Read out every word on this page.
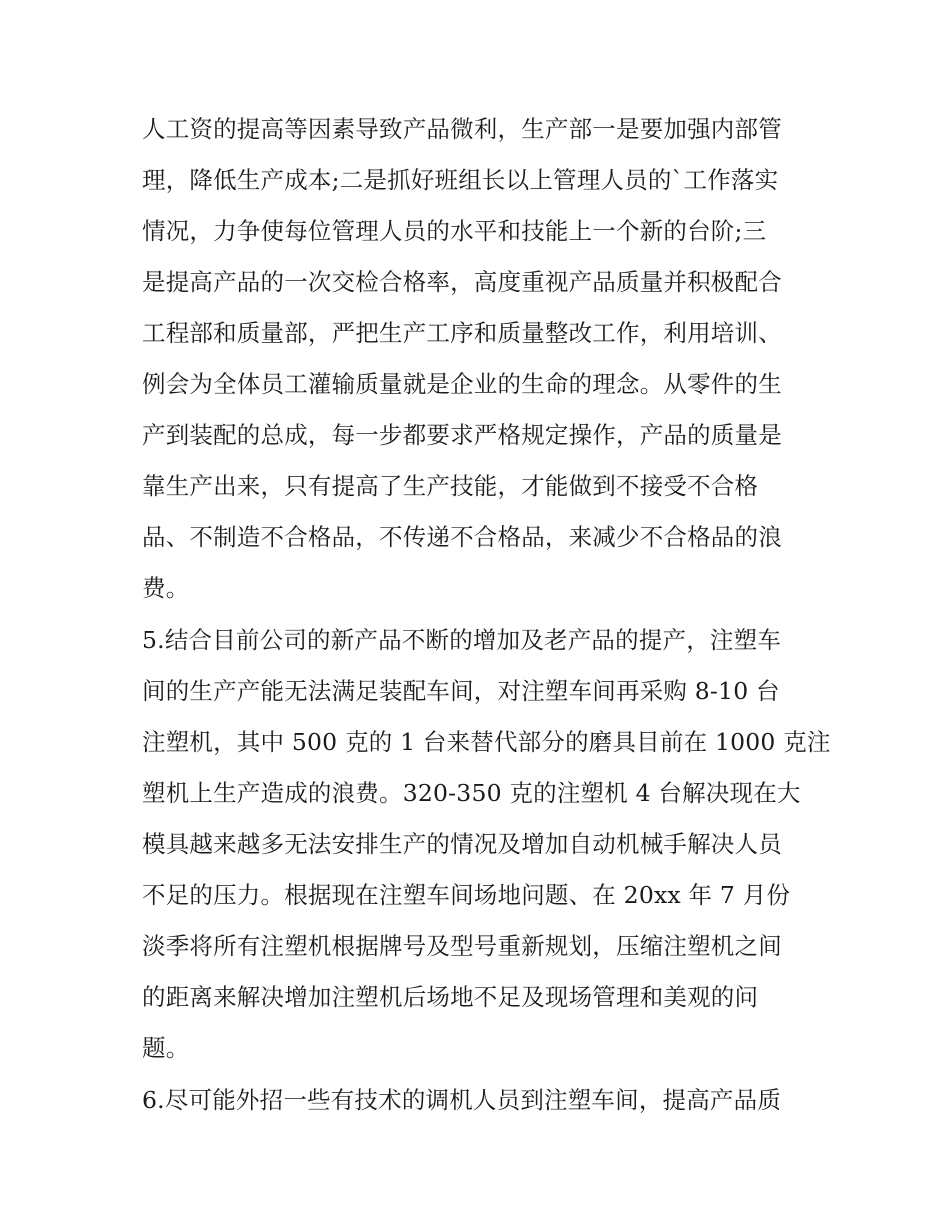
人工资的提高等因素导致产品微利，生产部一是要加强内部管
理，降低生产成本;二是抓好班组长以上管理人员的`工作落实
情况，力争使每位管理人员的水平和技能上一个新的台阶;三
是提高产品的一次交检合格率，高度重视产品质量并积极配合
工程部和质量部，严把生产工序和质量整改工作，利用培训、
例会为全体员工灌输质量就是企业的生命的理念。从零件的生
产到装配的总成，每一步都要求严格规定操作，产品的质量是
靠生产出来，只有提高了生产技能，才能做到不接受不合格
品、不制造不合格品，不传递不合格品，来减少不合格品的浪
费。
5.结合目前公司的新产品不断的增加及老产品的提产，注塑车
间的生产产能无法满足装配车间，对注塑车间再采购 8-10 台
注塑机，其中 500 克的 1 台来替代部分的磨具目前在 1000 克注
塑机上生产造成的浪费。320-350 克的注塑机 4 台解决现在大
模具越来越多无法安排生产的情况及增加自动机械手解决人员
不足的压力。根据现在注塑车间场地问题、在 20xx 年 7 月份
淡季将所有注塑机根据牌号及型号重新规划，压缩注塑机之间
的距离来解决增加注塑机后场地不足及现场管理和美观的问
题。
6.尽可能外招一些有技术的调机人员到注塑车间，提高产品质
